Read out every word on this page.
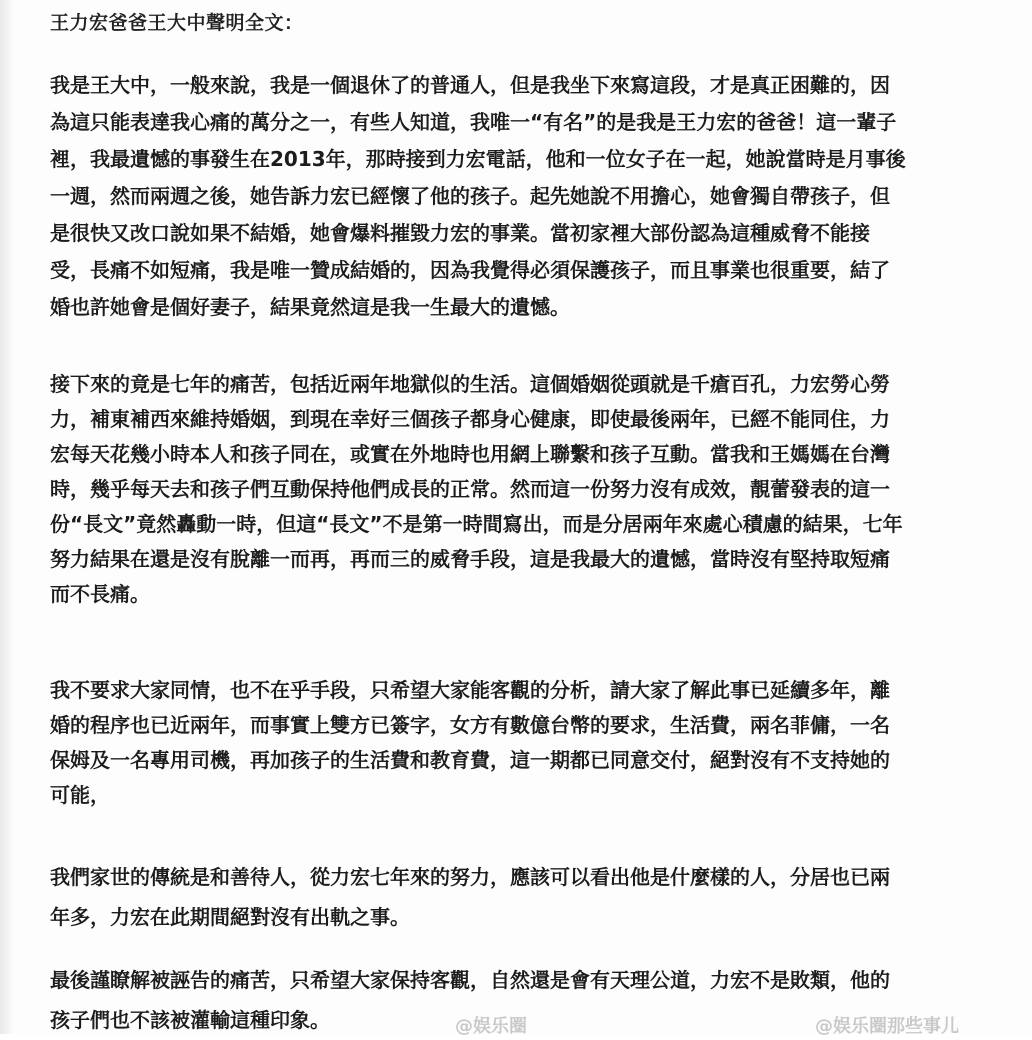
王力宏爸爸王大中聲明全文：
我是王大中，一般來說，我是一個退休了的普通人，但是我坐下來寫這段，才是真正困難的，因
為這只能表達我心痛的萬分之一，有些人知道，我唯一“有名”的是我是王力宏的爸爸！這一輩子
裡，我最遺憾的事發生在2013年，那時接到力宏電話，他和一位女子在一起，她說當時是月事後
一週，然而兩週之後，她告訴力宏已經懷了他的孩子。起先她說不用擔心，她會獨自帶孩子，但
是很快又改口說如果不結婚，她會爆料摧毀力宏的事業。當初家裡大部份認為這種威脅不能接
受，長痛不如短痛，我是唯一贊成結婚的，因為我覺得必須保護孩子，而且事業也很重要，結了
婚也許她會是個好妻子，結果竟然這是我一生最大的遺憾。
接下來的竟是七年的痛苦，包括近兩年地獄似的生活。這個婚姻從頭就是千瘡百孔，力宏勞心勞
力，補東補西來維持婚姻，到現在幸好三個孩子都身心健康，即使最後兩年，已經不能同住，力
宏每天花幾小時本人和孩子同在，或實在外地時也用網上聯繫和孩子互動。當我和王媽媽在台灣
時，幾乎每天去和孩子們互動保持他們成長的正常。然而這一份努力沒有成效，靚蕾發表的這一
份“長文”竟然轟動一時，但這“長文”不是第一時間寫出，而是分居兩年來處心積慮的結果，七年
努力結果在還是沒有脫離一而再，再而三的威脅手段，這是我最大的遺憾，當時沒有堅持取短痛
而不長痛。
我不要求大家同情，也不在乎手段，只希望大家能客觀的分析，請大家了解此事已延續多年，離
婚的程序也已近兩年，而事實上雙方已簽字，女方有數億台幣的要求，生活費，兩名菲傭，一名
保姆及一名專用司機，再加孩子的生活費和教育費，這一期都已同意交付，絕對沒有不支持她的
可能，
我們家世的傳統是和善待人，從力宏七年來的努力，應該可以看出他是什麼樣的人，分居也已兩
年多，力宏在此期間絕對沒有出軌之事。
最後謹瞭解被誣告的痛苦，只希望大家保持客觀，自然還是會有天理公道，力宏不是敗類，他的
孩子們也不該被灌輸這種印象。	@娱乐圈	@娱乐圈那些事儿
